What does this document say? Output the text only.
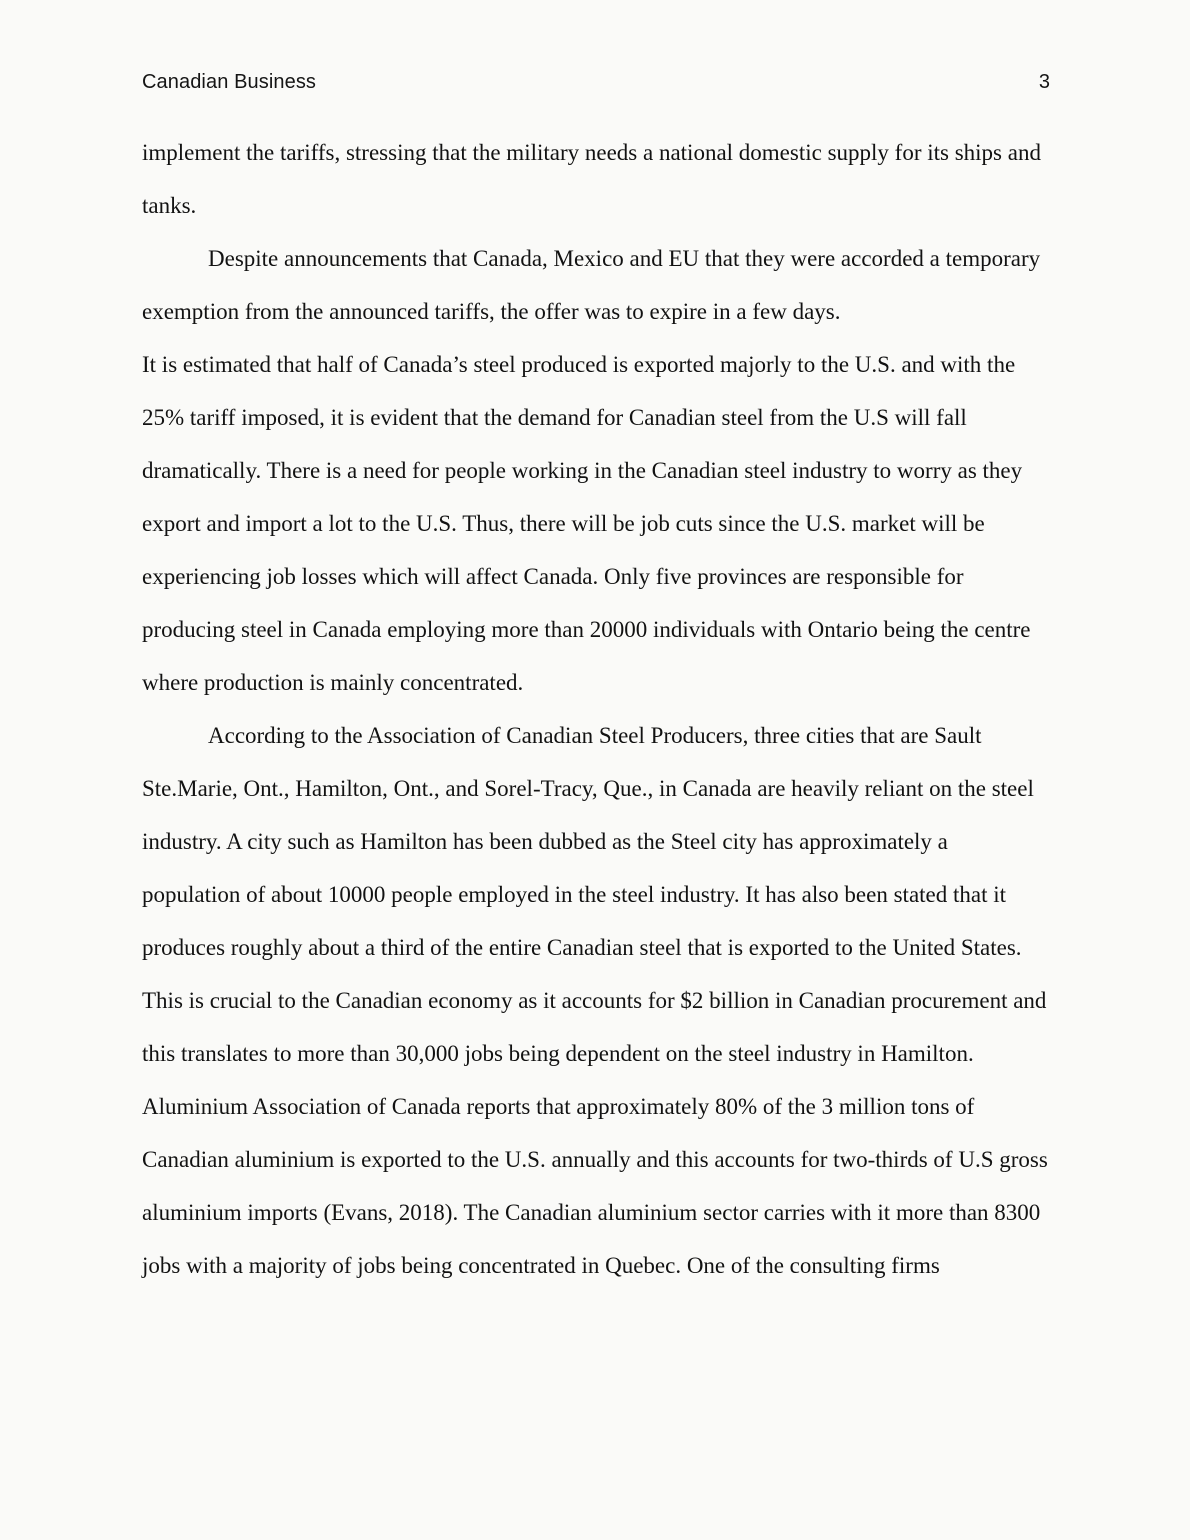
Canadian Business	3

implement the tariffs, stressing that the military needs a national domestic supply for its ships and tanks.

Despite announcements that Canada, Mexico and EU that they were accorded a temporary exemption from the announced tariffs, the offer was to expire in a few days.

It is estimated that half of Canada’s steel produced is exported majorly to the U.S. and with the 25% tariff imposed, it is evident that the demand for Canadian steel from the U.S will fall dramatically. There is a need for people working in the Canadian steel industry to worry as they export and import a lot to the U.S. Thus, there will be job cuts since the U.S. market will be experiencing job losses which will affect Canada. Only five provinces are responsible for producing steel in Canada employing more than 20000 individuals with Ontario being the centre where production is mainly concentrated.

According to the Association of Canadian Steel Producers, three cities that are Sault Ste.Marie, Ont., Hamilton, Ont., and Sorel-Tracy, Que., in Canada are heavily reliant on the steel industry. A city such as Hamilton has been dubbed as the Steel city has approximately a population of about 10000 people employed in the steel industry. It has also been stated that it produces roughly about a third of the entire Canadian steel that is exported to the United States. This is crucial to the Canadian economy as it accounts for $2 billion in Canadian procurement and this translates to more than 30,000 jobs being dependent on the steel industry in Hamilton. Aluminium Association of Canada reports that approximately 80% of the 3 million tons of Canadian aluminium is exported to the U.S. annually and this accounts for two-thirds of U.S gross aluminium imports (Evans, 2018). The Canadian aluminium sector carries with it more than 8300 jobs with a majority of jobs being concentrated in Quebec. One of the consulting firms
